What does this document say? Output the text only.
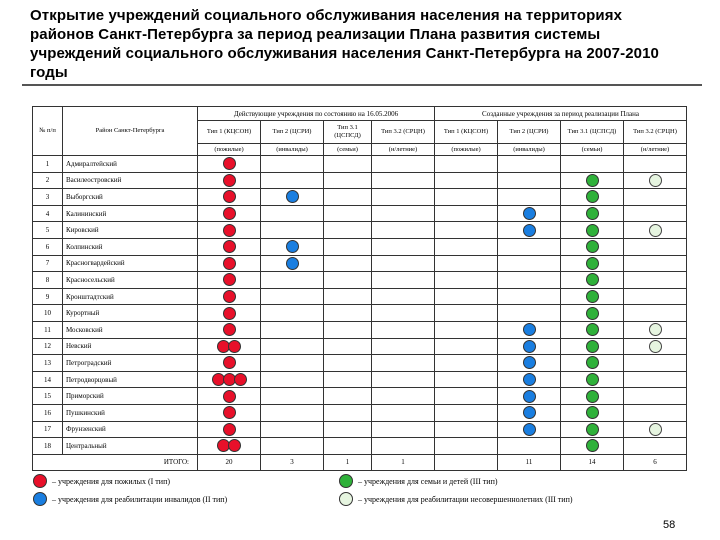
Открытие учреждений социального обслуживания населения на территориях районов Санкт-Петербурга за период реализации Плана развития системы учреждений социального обслуживания населения Санкт-Петербурга на 2007-2010 годы
№ п/п	Район Санкт-Петербурга	Действующие учреждения по состоянию на 16.05.2006				Созданные учреждения за период реализации Плана			
		Тип 1 (КЦСОН)	Тип 2 (ЦСРИ)	Тип 3.1 (ЦСПСД)	Тип 3.2 (СРЦН)	Тип 1 (КЦСОН)	Тип 2 (ЦСРИ)	Тип 3.1 (ЦСПСД)	Тип 3.2 (СРЦН)
		(пожилые)	(инвалиды)	(семьи)	(н/летние)	(пожилые)	(инвалиды)	(семьи)	(н/летние)
1	Адмиралтейский								
2	Василеостровский								
3	Выборгский								
4	Калининский								
5	Кировский								
6	Колпинский								
7	Красногвардейский								
8	Красносельский								
9	Кронштадтский								
10	Курортный								
11	Московский								
12	Невский								
13	Петроградский								
14	Петродворцовый								
15	Приморский								
16	Пушкинский								
17	Фрунзенский								
18	Центральный								
ИТОГО:		20	3	1	1		11	14	6
– учреждения для пожилых (I тип)	– учреждения для семьи и детей (III тип)
– учреждения для реабилитации инвалидов (II тип)	– учреждения для реабилитации несовершеннолетних (III тип)
58
